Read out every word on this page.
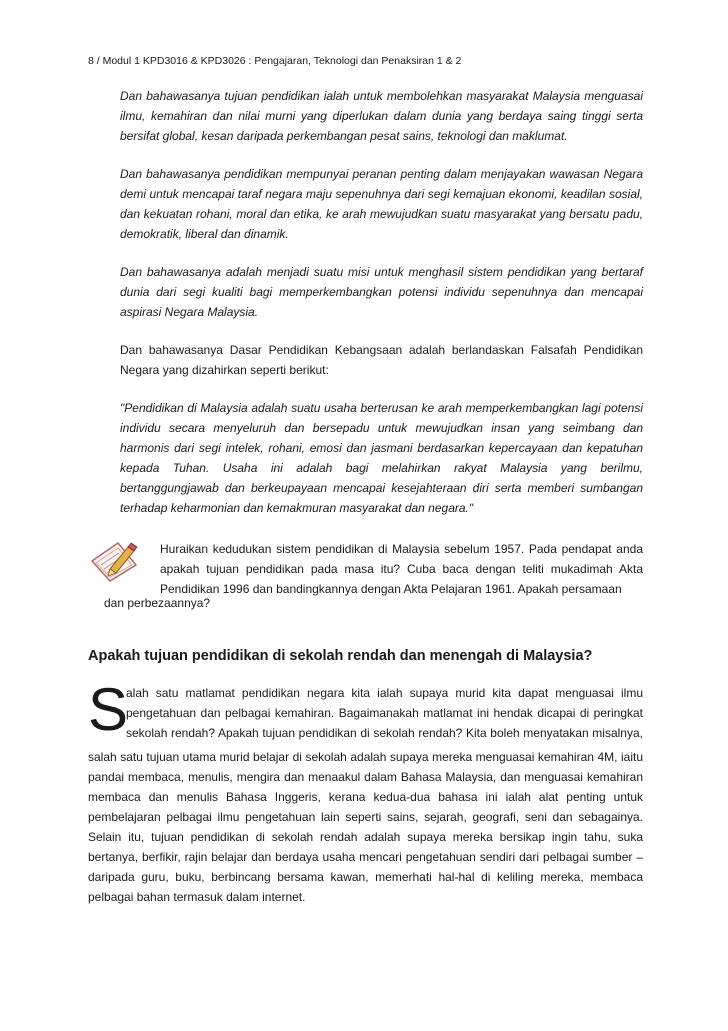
8 / Modul 1 KPD3016 & KPD3026 : Pengajaran, Teknologi dan Penaksiran 1 & 2

Dan bahawasanya tujuan pendidikan ialah untuk membolehkan masyarakat Malaysia menguasai ilmu, kemahiran dan nilai murni yang diperlukan dalam dunia yang berdaya saing tinggi serta bersifat global, kesan daripada perkembangan pesat sains, teknologi dan maklumat.

Dan bahawasanya pendidikan mempunyai peranan penting dalam menjayakan wawasan Negara demi untuk mencapai taraf negara maju sepenuhnya dari segi kemajuan ekonomi, keadilan sosial, dan kekuatan rohani, moral dan etika, ke arah mewujudkan suatu masyarakat yang bersatu padu, demokratik, liberal dan dinamik.

Dan bahawasanya adalah menjadi suatu misi untuk menghasil sistem pendidikan yang bertaraf dunia dari segi kualiti bagi memperkembangkan potensi individu sepenuhnya dan mencapai aspirasi Negara Malaysia.

Dan bahawasanya Dasar Pendidikan Kebangsaan adalah berlandaskan Falsafah Pendidikan Negara yang dizahirkan seperti berikut:

"Pendidikan di Malaysia adalah suatu usaha berterusan ke arah memperkembangkan lagi potensi individu secara menyeluruh dan bersepadu untuk mewujudkan insan yang seimbang dan harmonis dari segi intelek, rohani, emosi dan jasmani berdasarkan kepercayaan dan kepatuhan kepada Tuhan. Usaha ini adalah bagi melahirkan rakyat Malaysia yang berilmu, bertanggungjawab dan berkeupayaan mencapai kesejahteraan diri serta memberi sumbangan terhadap keharmonian dan kemakmuran masyarakat dan negara."

Huraikan kedudukan sistem pendidikan di Malaysia sebelum 1957. Pada pendapat anda apakah tujuan pendidikan pada masa itu? Cuba baca dengan teliti mukadimah Akta Pendidikan 1996 dan bandingkannya dengan Akta Pelajaran 1961. Apakah persamaan

dan perbezaannya?

Apakah tujuan pendidikan di sekolah rendah dan menengah di Malaysia?
S

alah satu matlamat pendidikan negara kita ialah supaya murid kita dapat menguasai ilmu

pengetahuan dan pelbagai kemahiran. Bagaimanakah matlamat ini hendak dicapai di peringkat

sekolah rendah? Apakah tujuan pendidikan di sekolah rendah? Kita boleh menyatakan misalnya,

salah satu tujuan utama murid belajar di sekolah adalah supaya mereka menguasai kemahiran 4M, iaitu pandai membaca, menulis, mengira dan menaakul dalam Bahasa Malaysia, dan menguasai kemahiran membaca dan menulis Bahasa Inggeris, kerana kedua-dua bahasa ini ialah alat penting untuk pembelajaran pelbagai ilmu pengetahuan lain seperti sains, sejarah, geografi, seni dan sebagainya. Selain itu, tujuan pendidikan di sekolah rendah adalah supaya mereka bersikap ingin tahu, suka bertanya, berfikir, rajin belajar dan berdaya usaha mencari pengetahuan sendiri dari pelbagai sumber – daripada guru, buku, berbincang bersama kawan, memerhati hal-hal di keliling mereka, membaca pelbagai bahan termasuk dalam internet.
